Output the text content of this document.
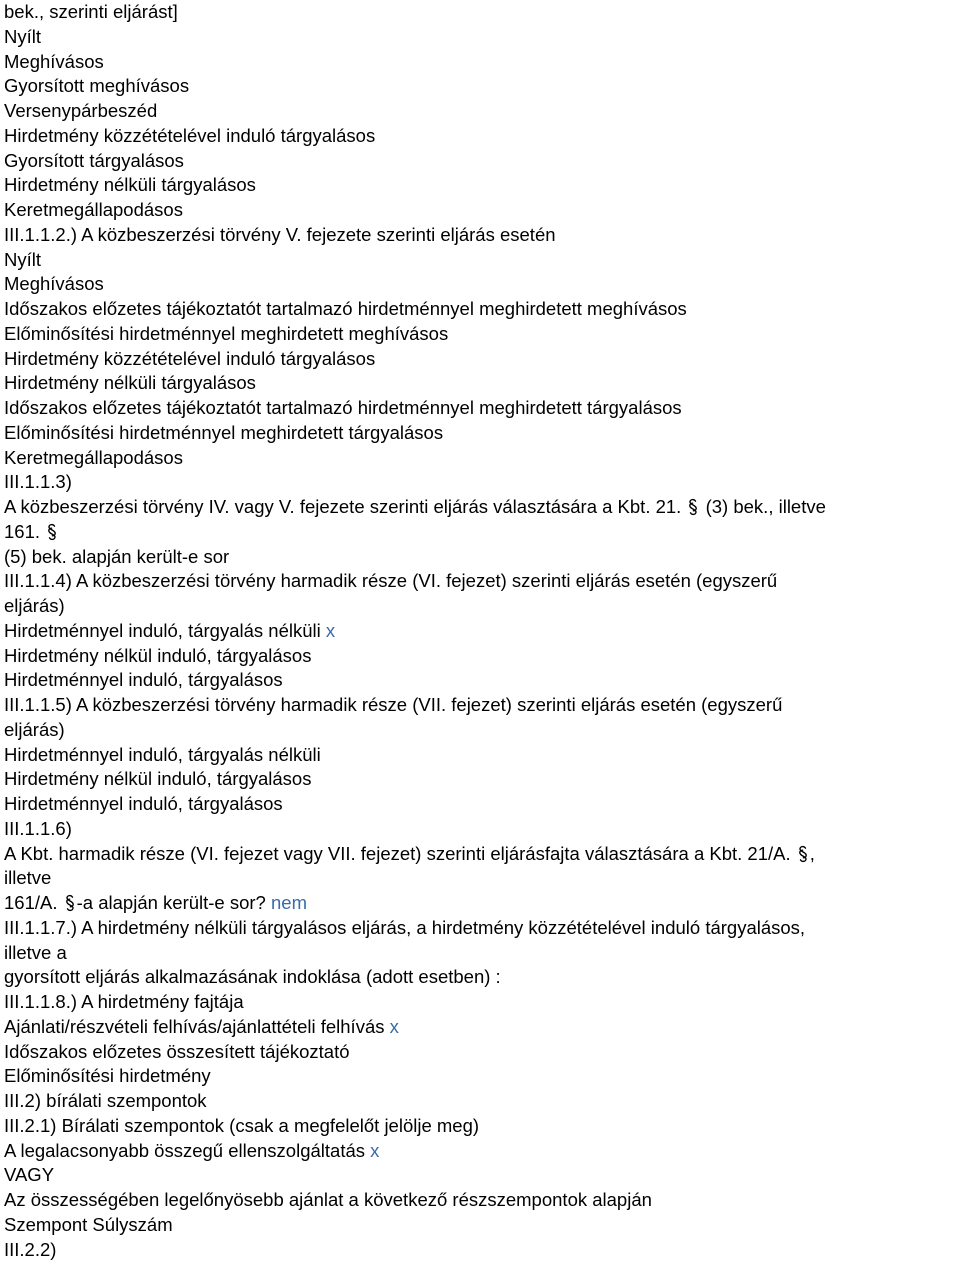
bek., szerinti eljárást]
Nyílt
Meghívásos
Gyorsított meghívásos
Versenypárbeszéd
Hirdetmény közzétételével induló tárgyalásos
Gyorsított tárgyalásos
Hirdetmény nélküli tárgyalásos
Keretmegállapodásos
III.1.1.2.) A közbeszerzési törvény V. fejezete szerinti eljárás esetén
Nyílt
Meghívásos
Időszakos előzetes tájékoztatót tartalmazó hirdetménnyel meghirdetett meghívásos
Előminősítési hirdetménnyel meghirdetett meghívásos
Hirdetmény közzétételével induló tárgyalásos
Hirdetmény nélküli tárgyalásos
Időszakos előzetes tájékoztatót tartalmazó hirdetménnyel meghirdetett tárgyalásos
Előminősítési hirdetménnyel meghirdetett tárgyalásos
Keretmegállapodásos
III.1.1.3)
A közbeszerzési törvény IV. vagy V. fejezete szerinti eljárás választására a Kbt. 21.  (3) bek., illetve
161.
(5) bek. alapján került-e sor
III.1.1.4) A közbeszerzési törvény harmadik része (VI. fejezet) szerinti eljárás esetén (egyszerű
eljárás)
Hirdetménnyel induló, tárgyalás nélküli x
Hirdetmény nélkül induló, tárgyalásos
Hirdetménnyel induló, tárgyalásos
III.1.1.5) A közbeszerzési törvény harmadik része (VII. fejezet) szerinti eljárás esetén (egyszerű
eljárás)
Hirdetménnyel induló, tárgyalás nélküli
Hirdetmény nélkül induló, tárgyalásos
Hirdetménnyel induló, tárgyalásos
III.1.1.6)
A Kbt. harmadik része (VI. fejezet vagy VII. fejezet) szerinti eljárásfajta választására a Kbt. 21/A. ,
illetve
161/A. -a alapján került-e sor? nem
III.1.1.7.) A hirdetmény nélküli tárgyalásos eljárás, a hirdetmény közzétételével induló tárgyalásos,
illetve a
gyorsított eljárás alkalmazásának indoklása (adott esetben) :
III.1.1.8.) A hirdetmény fajtája
Ajánlati/részvételi felhívás/ajánlattételi felhívás x
Időszakos előzetes összesített tájékoztató
Előminősítési hirdetmény
III.2) bírálati szempontok
III.2.1) Bírálati szempontok (csak a megfelelőt jelölje meg)
A legalacsonyabb összegű ellenszolgáltatás x
VAGY
Az összességében legelőnyösebb ajánlat a következő részszempontok alapján
Szempont Súlyszám
III.2.2)
